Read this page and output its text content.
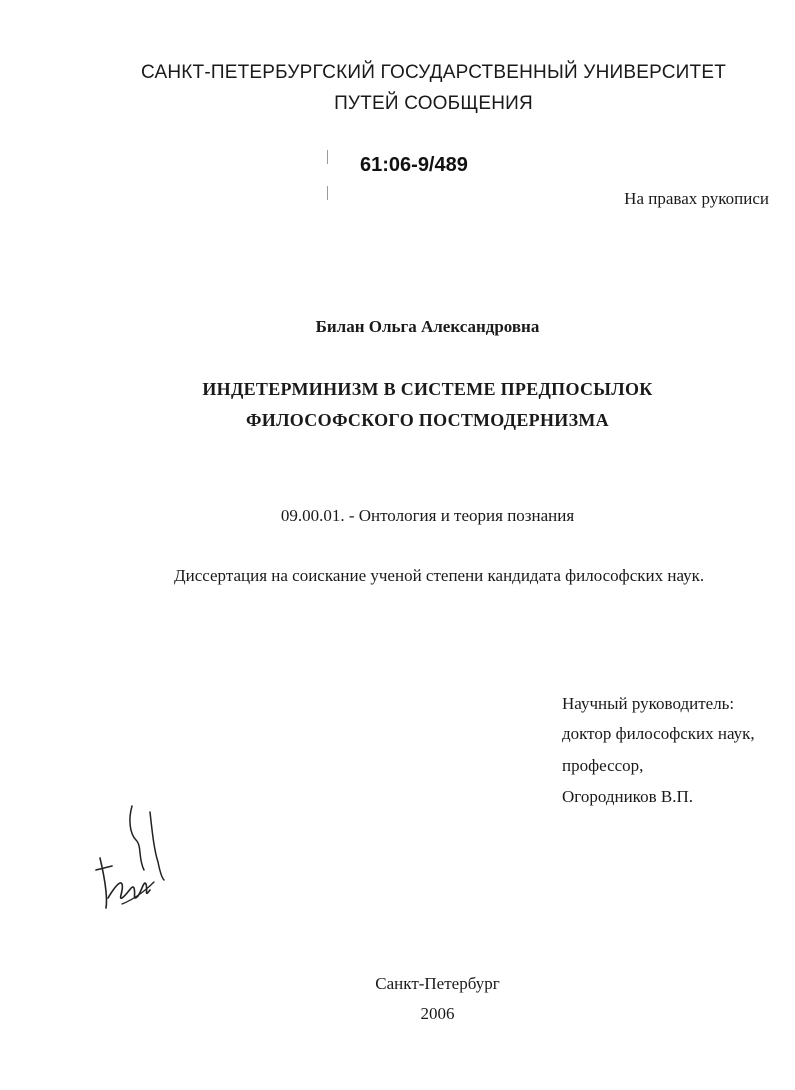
САНКТ-ПЕТЕРБУРГСКИЙ ГОСУДАРСТВЕННЫЙ УНИВЕРСИТЕТ
ПУТЕЙ СООБЩЕНИЯ
61:06-9/489
На правах рукописи
Билан Ольга Александровна
ИНДЕТЕРМИНИЗМ В СИСТЕМЕ ПРЕДПОСЫЛОК
ФИЛОСОФСКОГО ПОСТМОДЕРНИЗМА
09.00.01. - Онтология и теория познания
Диссертация на соискание ученой степени кандидата философских наук.
Научный руководитель:
доктор философских наук,
профессор,
Огородников В.П.
Санкт-Петербург
2006
